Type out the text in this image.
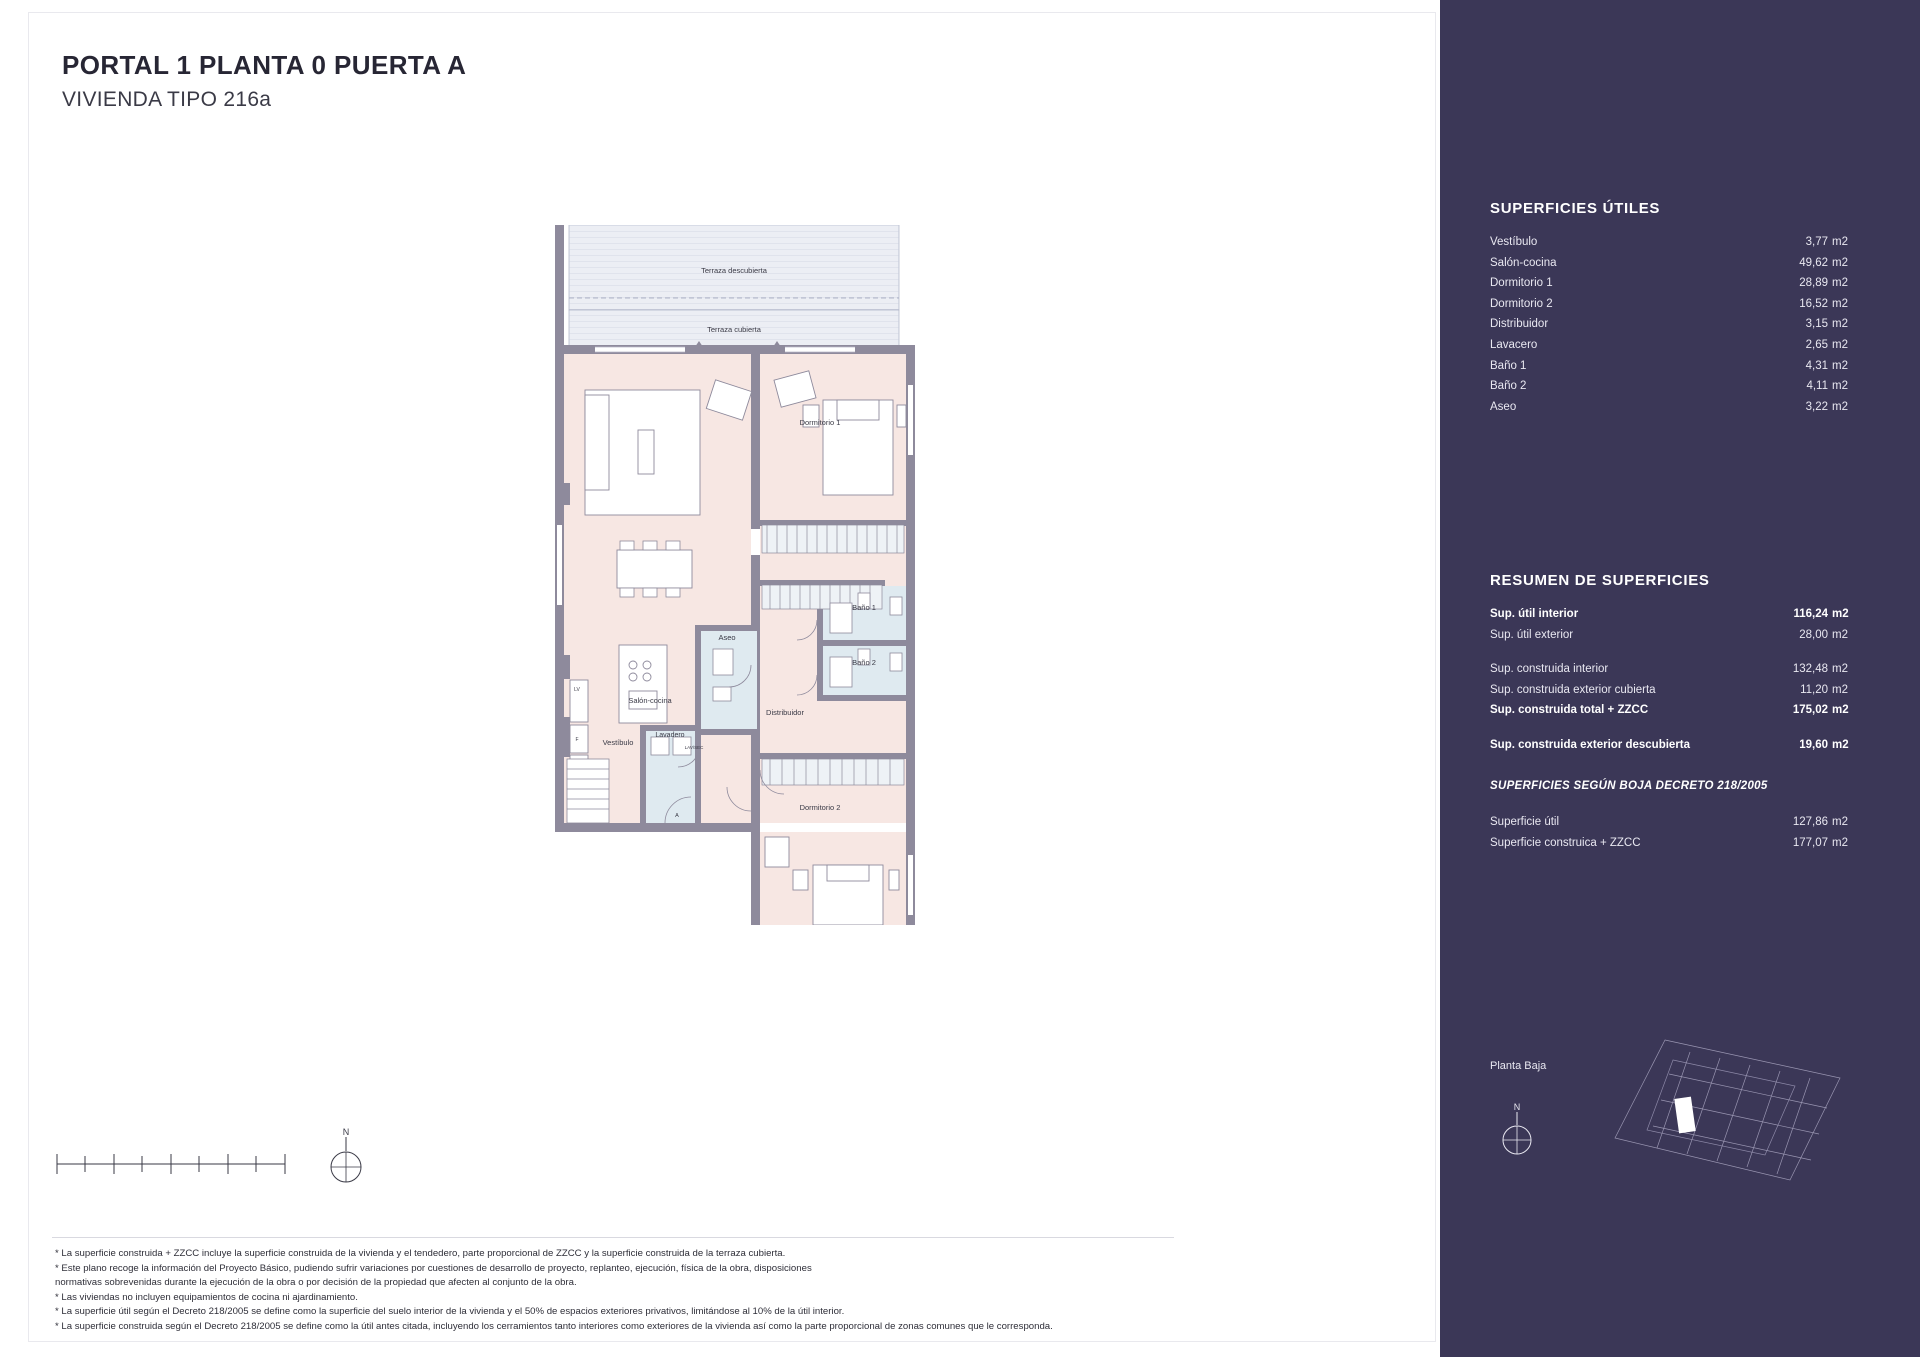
PORTAL 1 PLANTA 0 PUERTA A
VIVIENDA TIPO 216a
Terraza descubierta
Terraza cubierta
Dormitorio 1
Salón-cocina
Aseo
Baño 1
Baño 2
Distribuidor
Vestíbulo
Lavadero
Dormitorio 2
LAV/SEC
LV
F
A
N
* La superficie construida + ZZCC incluye la superficie construida de la vivienda y el tendedero, parte proporcional de ZZCC y la superficie construida de la terraza cubierta.
* Este plano recoge la información del Proyecto Básico, pudiendo sufrir variaciones por cuestiones de desarrollo de proyecto, replanteo, ejecución, física de la obra, disposiciones
normativas sobrevenidas durante la ejecución de la obra o por decisión de la propiedad que afecten al conjunto de la obra.
* Las viviendas no incluyen equipamientos de cocina ni ajardinamiento.
* La superficie útil según el Decreto 218/2005 se define como la superficie del suelo interior de la vivienda y el 50% de espacios exteriores privativos, limitándose al 10% de la útil interior.
* La superficie construida según el Decreto 218/2005 se define como la útil antes citada, incluyendo los cerramientos tanto interiores como exteriores de la vivienda así como la parte proporcional de zonas comunes que le corresponda.
SUPERFICIES ÚTILES
Vestíbulo	3,77 m2
Salón-cocina	49,62 m2
Dormitorio 1	28,89 m2
Dormitorio 2	16,52 m2
Distribuidor	3,15 m2
Lavacero	2,65 m2
Baño 1	4,31 m2
Baño 2	4,11 m2
Aseo	3,22 m2
RESUMEN DE SUPERFICIES
Sup. útil interior	116,24 m2
Sup. útil exterior	28,00 m2
Sup. construida interior	132,48 m2
Sup. construida exterior cubierta	11,20 m2
Sup. construida total + ZZCC	175,02 m2
Sup. construida exterior descubierta	19,60 m2
SUPERFICIES SEGÚN BOJA DECRETO 218/2005
Superficie útil	127,86 m2
Superficie construica + ZZCC	177,07 m2
Planta Baja
N
